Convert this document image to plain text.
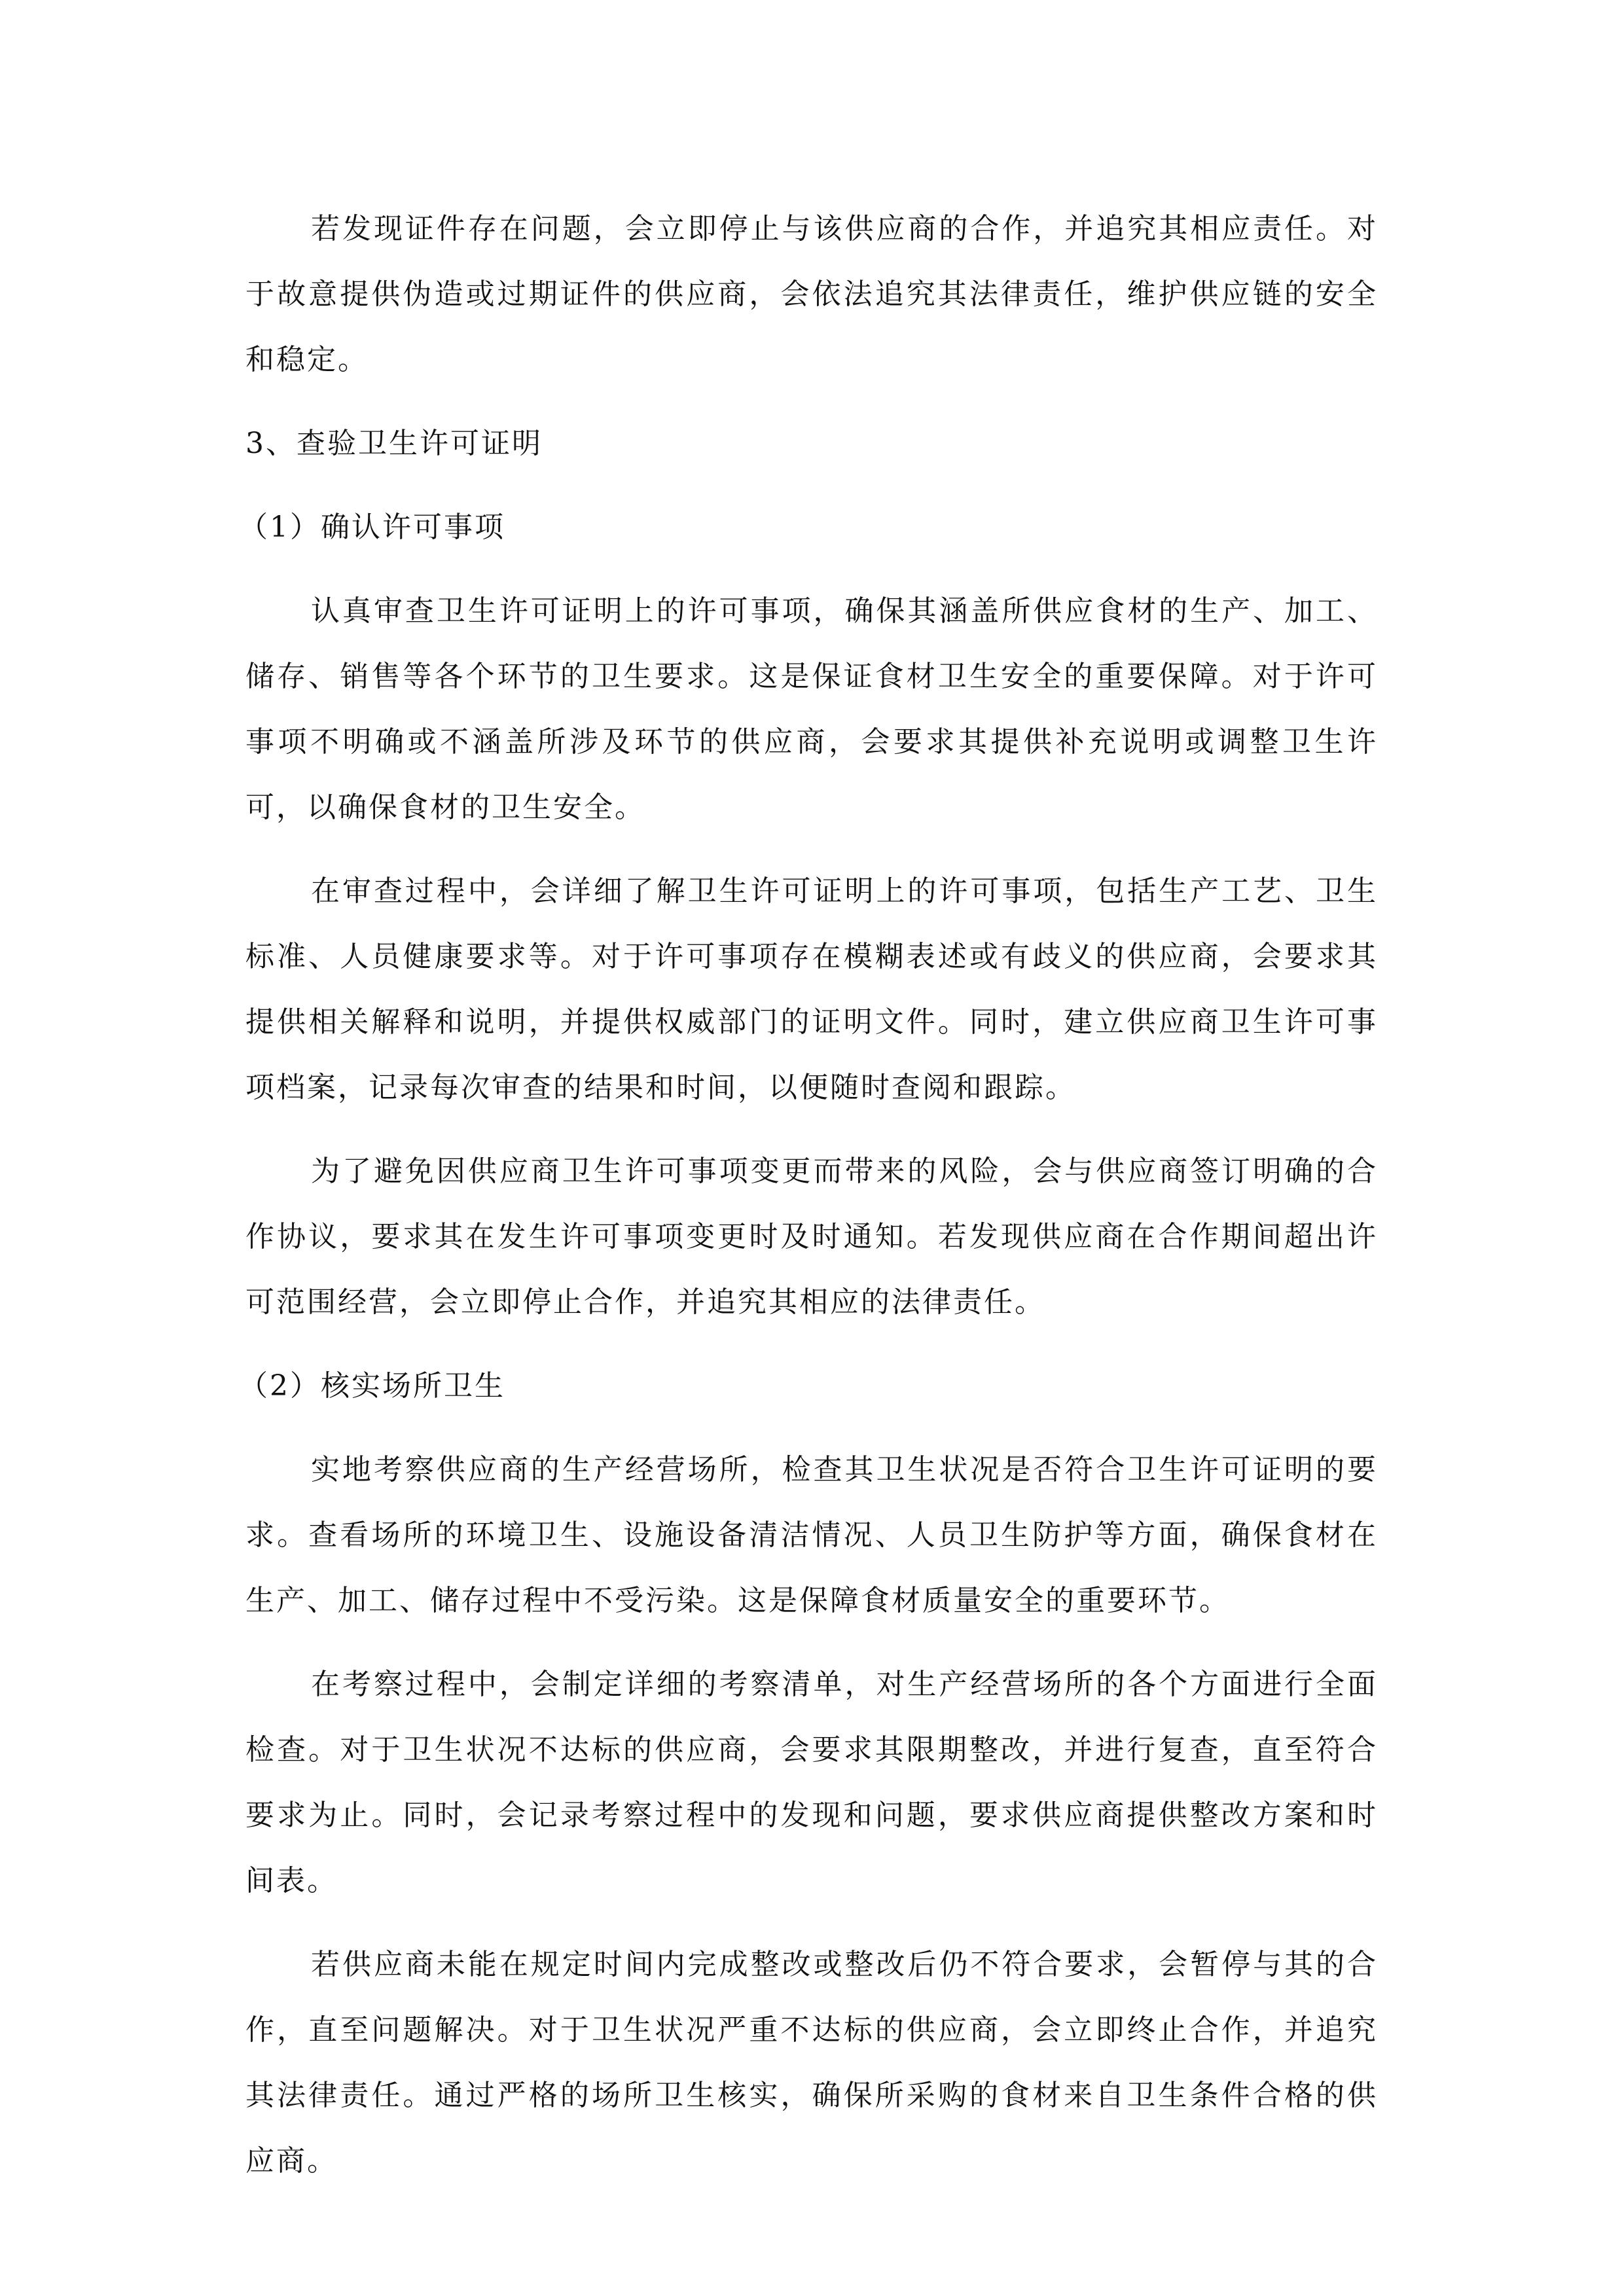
若发现证件存在问题，会立即停止与该供应商的合作，并追究其相应责任。对于故意提供伪造或过期证件的供应商，会依法追究其法律责任，维护供应链的安全和稳定。

3、查验卫生许可证明
（1）确认许可事项

认真审查卫生许可证明上的许可事项，确保其涵盖所供应食材的生产、加工、储存、销售等各个环节的卫生要求。这是保证食材卫生安全的重要保障。对于许可事项不明确或不涵盖所涉及环节的供应商，会要求其提供补充说明或调整卫生许可，以确保食材的卫生安全。

在审查过程中，会详细了解卫生许可证明上的许可事项，包括生产工艺、卫生标准、人员健康要求等。对于许可事项存在模糊表述或有歧义的供应商，会要求其提供相关解释和说明，并提供权威部门的证明文件。同时，建立供应商卫生许可事项档案，记录每次审查的结果和时间，以便随时查阅和跟踪。

为了避免因供应商卫生许可事项变更而带来的风险，会与供应商签订明确的合作协议，要求其在发生许可事项变更时及时通知。若发现供应商在合作期间超出许可范围经营，会立即停止合作，并追究其相应的法律责任。

（2）核实场所卫生

实地考察供应商的生产经营场所，检查其卫生状况是否符合卫生许可证明的要求。查看场所的环境卫生、设施设备清洁情况、人员卫生防护等方面，确保食材在生产、加工、储存过程中不受污染。这是保障食材质量安全的重要环节。

在考察过程中，会制定详细的考察清单，对生产经营场所的各个方面进行全面检查。对于卫生状况不达标的供应商，会要求其限期整改，并进行复查，直至符合要求为止。同时，会记录考察过程中的发现和问题，要求供应商提供整改方案和时间表。

若供应商未能在规定时间内完成整改或整改后仍不符合要求，会暂停与其的合作，直至问题解决。对于卫生状况严重不达标的供应商，会立即终止合作，并追究其法律责任。通过严格的场所卫生核实，确保所采购的食材来自卫生条件合格的供应商。
